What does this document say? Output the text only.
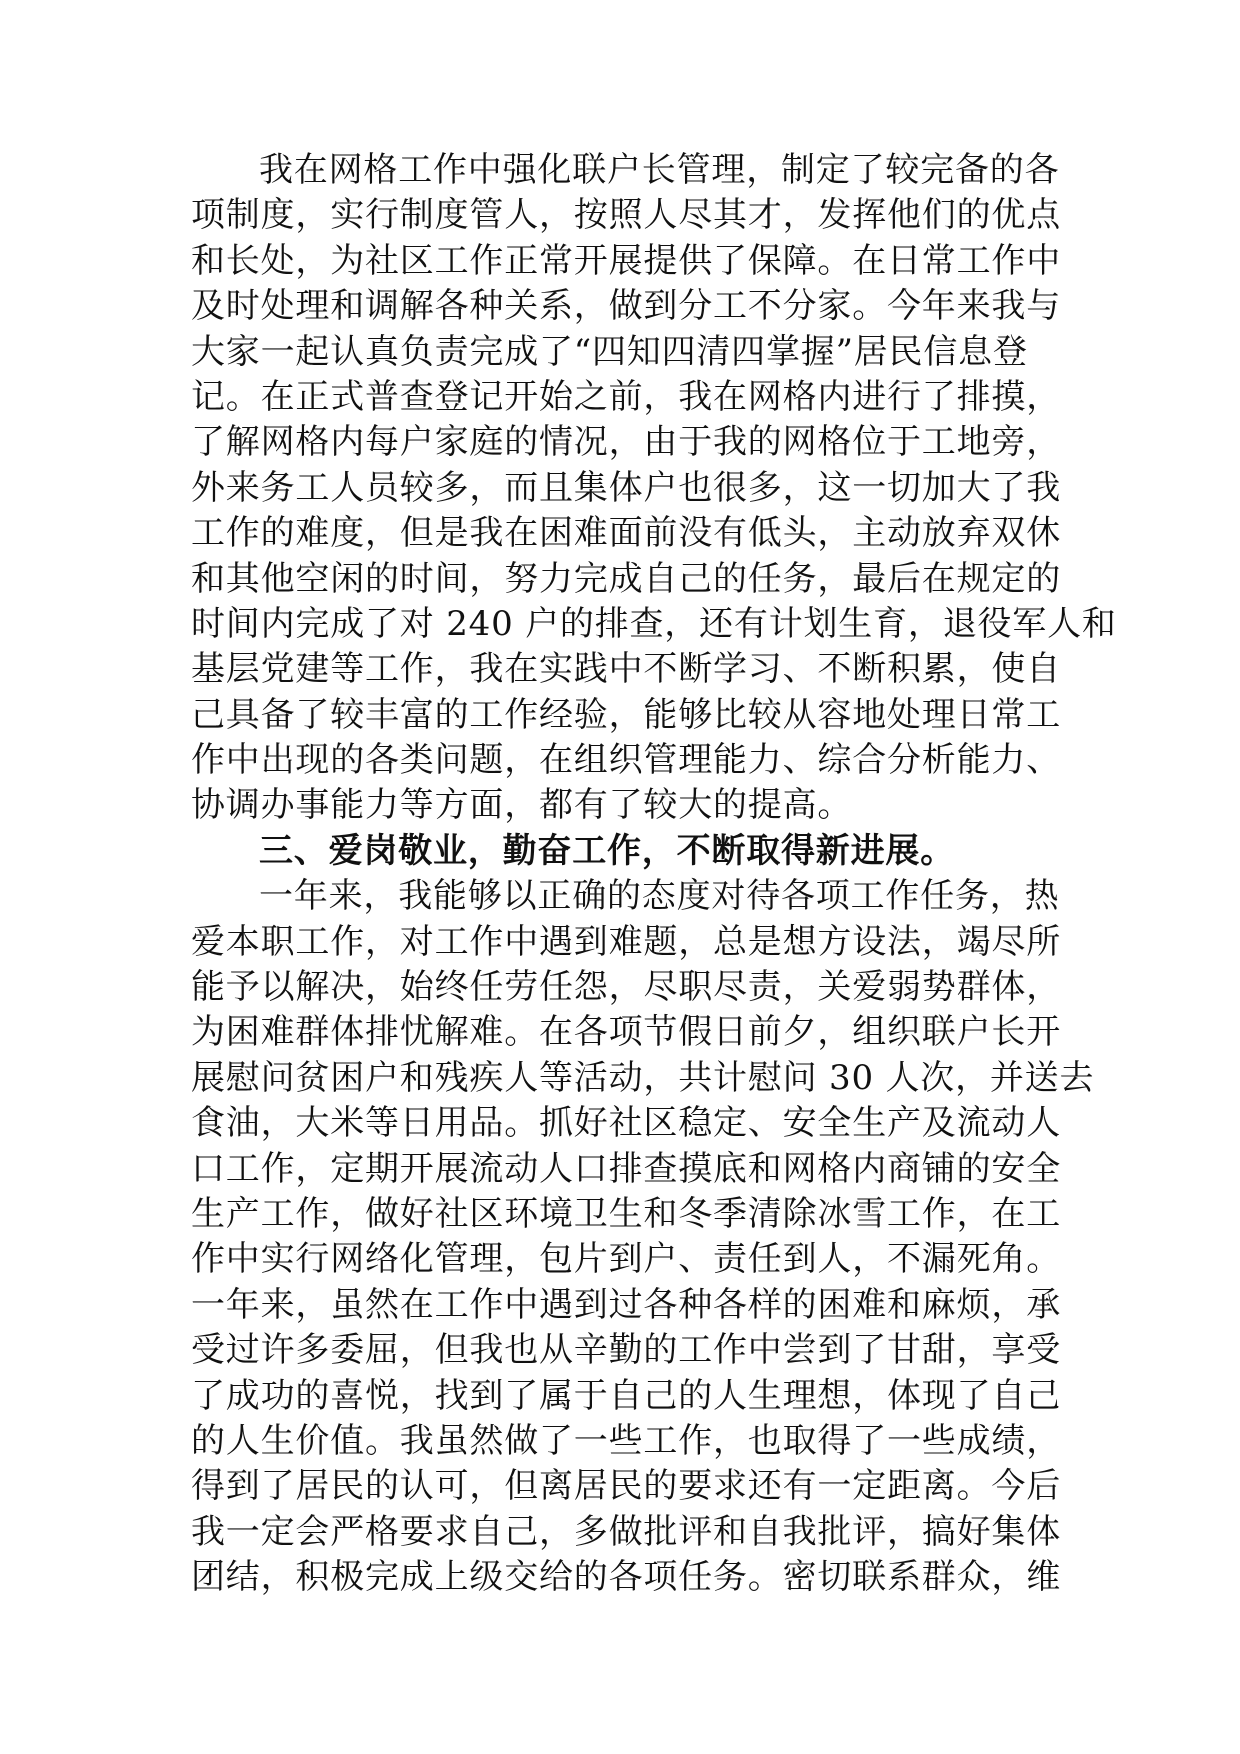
我在网格工作中强化联户长管理，制定了较完备的各
项制度，实行制度管人，按照人尽其才，发挥他们的优点
和长处，为社区工作正常开展提供了保障。在日常工作中
及时处理和调解各种关系，做到分工不分家。今年来我与
大家一起认真负责完成了“四知四清四掌握”居民信息登
记。在正式普查登记开始之前，我在网格内进行了排摸，
了解网格内每户家庭的情况，由于我的网格位于工地旁，
外来务工人员较多，而且集体户也很多，这一切加大了我
工作的难度，但是我在困难面前没有低头，主动放弃双休
和其他空闲的时间，努力完成自己的任务，最后在规定的
时间内完成了对 240 户的排查，还有计划生育，退役军人和
基层党建等工作，我在实践中不断学习、不断积累，使自
己具备了较丰富的工作经验，能够比较从容地处理日常工
作中出现的各类问题，在组织管理能力、综合分析能力、
协调办事能力等方面，都有了较大的提高。
三、爱岗敬业，勤奋工作，不断取得新进展。
一年来，我能够以正确的态度对待各项工作任务，热
爱本职工作，对工作中遇到难题，总是想方设法，竭尽所
能予以解决，始终任劳任怨，尽职尽责，关爱弱势群体，
为困难群体排忧解难。在各项节假日前夕，组织联户长开
展慰问贫困户和残疾人等活动，共计慰问 30 人次，并送去
食油，大米等日用品。抓好社区稳定、安全生产及流动人
口工作，定期开展流动人口排查摸底和网格内商铺的安全
生产工作，做好社区环境卫生和冬季清除冰雪工作，在工
作中实行网络化管理，包片到户、责任到人，不漏死角。
一年来，虽然在工作中遇到过各种各样的困难和麻烦，承
受过许多委屈，但我也从辛勤的工作中尝到了甘甜，享受
了成功的喜悦，找到了属于自己的人生理想，体现了自己
的人生价值。我虽然做了一些工作，也取得了一些成绩，
得到了居民的认可，但离居民的要求还有一定距离。今后
我一定会严格要求自己，多做批评和自我批评，搞好集体
团结，积极完成上级交给的各项任务。密切联系群众，维
